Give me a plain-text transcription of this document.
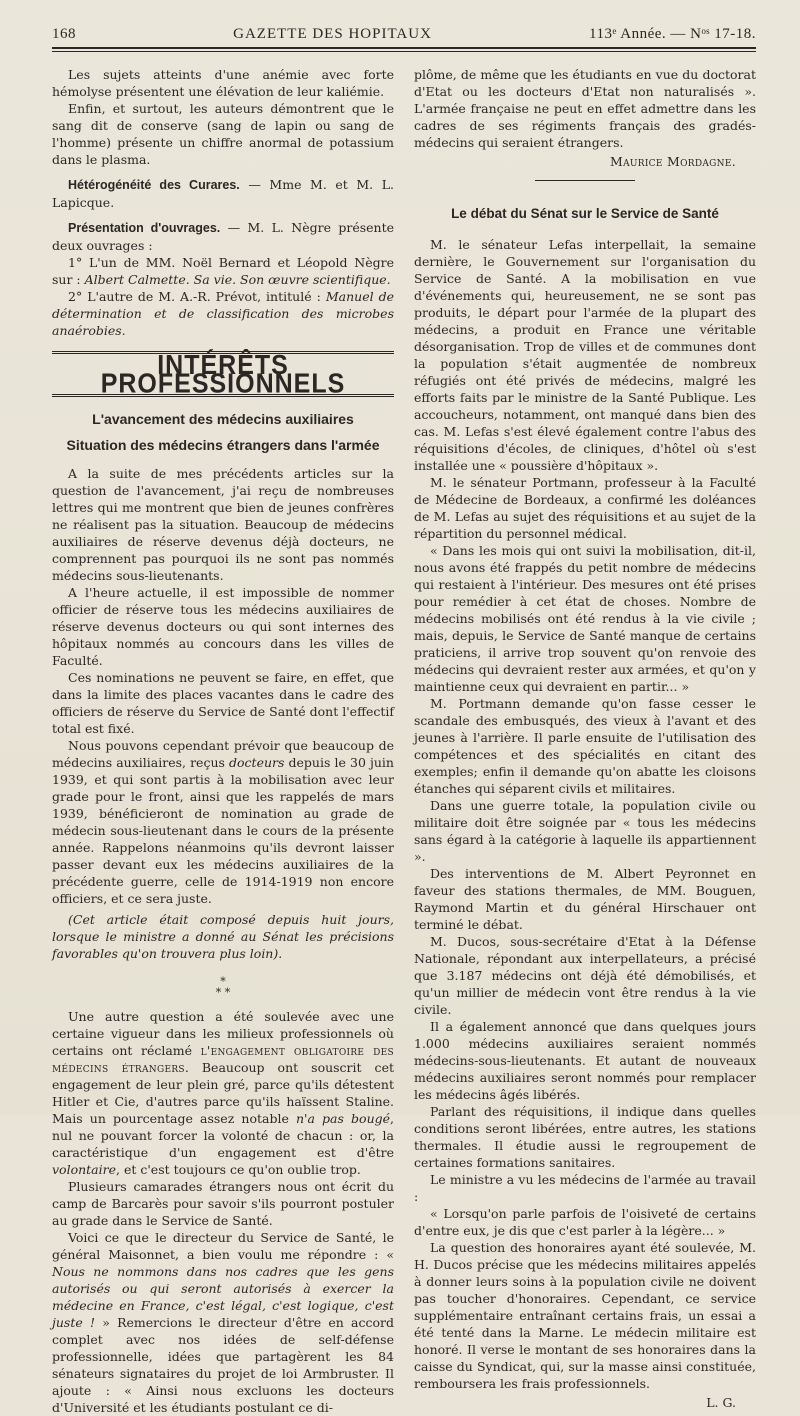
168	GAZETTE DES HOPITAUX	113ᵉ Année. — Nᵒˢ 17-18.

Les sujets atteints d'une anémie avec forte hémolyse présentent une élévation de leur kaliémie.

Enfin, et surtout, les auteurs démontrent que le sang dit de conserve (sang de lapin ou sang de l'homme) présente un chiffre anormal de potassium dans le plasma.

Hétérogénéité des Curares. — Mme M. et M. L. Lapicque.

Présentation d'ouvrages. — M. L. Nègre présente deux ouvrages :

1° L'un de MM. Noël Bernard et Léopold Nègre sur : Albert Calmette. Sa vie. Son œuvre scientifique.

2° L'autre de M. A.-R. Prévot, intitulé : Manuel de détermination et de classification des microbes anaérobies.

INTÉRÊTS PROFESSIONNELS
L'avancement des médecins auxiliaires
Situation des médecins étrangers dans l'armée

A la suite de mes précédents articles sur la question de l'avancement, j'ai reçu de nombreuses lettres qui me montrent que bien de jeunes confrères ne réalisent pas la situation. Beaucoup de médecins auxiliaires de réserve devenus déjà docteurs, ne comprennent pas pourquoi ils ne sont pas nommés médecins sous-lieutenants.

A l'heure actuelle, il est impossible de nommer officier de réserve tous les médecins auxiliaires de réserve devenus docteurs ou qui sont internes des hôpitaux nommés au concours dans les villes de Faculté.

Ces nominations ne peuvent se faire, en effet, que dans la limite des places vacantes dans le cadre des officiers de réserve du Service de Santé dont l'effectif total est fixé.

Nous pouvons cependant prévoir que beaucoup de médecins auxiliaires, reçus docteurs depuis le 30 juin 1939, et qui sont partis à la mobilisation avec leur grade pour le front, ainsi que les rappelés de mars 1939, bénéficieront de nomination au grade de médecin sous-lieutenant dans le cours de la présente année. Rappelons néanmoins qu'ils devront laisser passer devant eux les médecins auxiliaires de la précédente guerre, celle de 1914-1919 non encore officiers, et ce sera juste.

(Cet article était composé depuis huit jours, lorsque le ministre a donné au Sénat les précisions favorables qu'on trouvera plus loin).

*
* *

Une autre question a été soulevée avec une certaine vigueur dans les milieux professionnels où certains ont réclamé l'engagement obligatoire des médecins étrangers. Beaucoup ont souscrit cet engagement de leur plein gré, parce qu'ils détestent Hitler et Cie, d'autres parce qu'ils haïssent Staline. Mais un pourcentage assez notable n'a pas bougé, nul ne pouvant forcer la volonté de chacun : or, la caractéristique d'un engagement est d'être volontaire, et c'est toujours ce qu'on oublie trop.

Plusieurs camarades étrangers nous ont écrit du camp de Barcarès pour savoir s'ils pourront postuler au grade dans le Service de Santé.

Voici ce que le directeur du Service de Santé, le général Maisonnet, a bien voulu me répondre : « Nous ne nommons dans nos cadres que les gens autorisés ou qui seront autorisés à exercer la médecine en France, c'est légal, c'est logique, c'est juste ! » Remercions le directeur d'être en accord complet avec nos idées de self-défense professionnelle, idées que partagèrent les 84 sénateurs signataires du projet de loi Armbruster. Il ajoute : « Ainsi nous excluons les docteurs d'Université et les étudiants postulant ce di-

plôme, de même que les étudiants en vue du doctorat d'Etat ou les docteurs d'Etat non naturalisés ». L'armée française ne peut en effet admettre dans les cadres de ses régiments français des gradés-médecins qui seraient étrangers.

Maurice Mordagne.
Le débat du Sénat sur le Service de Santé

M. le sénateur Lefas interpellait, la semaine dernière, le Gouvernement sur l'organisation du Service de Santé. A la mobilisation en vue d'événements qui, heureusement, ne se sont pas produits, le départ pour l'armée de la plupart des médecins, a produit en France une véritable désorganisation. Trop de villes et de communes dont la population s'était augmentée de nombreux réfugiés ont été privés de médecins, malgré les efforts faits par le ministre de la Santé Publique. Les accoucheurs, notamment, ont manqué dans bien des cas. M. Lefas s'est élevé également contre l'abus des réquisitions d'écoles, de cliniques, d'hôtel où s'est installée une « poussière d'hôpitaux ».

M. le sénateur Portmann, professeur à la Faculté de Médecine de Bordeaux, a confirmé les doléances de M. Lefas au sujet des réquisitions et au sujet de la répartition du personnel médical.

« Dans les mois qui ont suivi la mobilisation, dit-il, nous avons été frappés du petit nombre de médecins qui restaient à l'intérieur. Des mesures ont été prises pour remédier à cet état de choses. Nombre de médecins mobilisés ont été rendus à la vie civile ; mais, depuis, le Service de Santé manque de certains praticiens, il arrive trop souvent qu'on renvoie des médecins qui devraient rester aux armées, et qu'on y maintienne ceux qui devraient en partir... »

M. Portmann demande qu'on fasse cesser le scandale des embusqués, des vieux à l'avant et des jeunes à l'arrière. Il parle ensuite de l'utilisation des compétences et des spécialités en citant des exemples; enfin il demande qu'on abatte les cloisons étanches qui séparent civils et militaires.

Dans une guerre totale, la population civile ou militaire doit être soignée par « tous les médecins sans égard à la catégorie à laquelle ils appartiennent ».

Des interventions de M. Albert Peyronnet en faveur des stations thermales, de MM. Bouguen, Raymond Martin et du général Hirschauer ont terminé le débat.

M. Ducos, sous-secrétaire d'Etat à la Défense Nationale, répondant aux interpellateurs, a précisé que 3.187 médecins ont déjà été démobilisés, et qu'un millier de médecin vont être rendus à la vie civile.

Il a également annoncé que dans quelques jours 1.000 médecins auxiliaires seraient nommés médecins-sous-lieutenants. Et autant de nouveaux médecins auxiliaires seront nommés pour remplacer les médecins âgés libérés.

Parlant des réquisitions, il indique dans quelles conditions seront libérées, entre autres, les stations thermales. Il étudie aussi le regroupement de certaines formations sanitaires.

Le ministre a vu les médecins de l'armée au travail :

« Lorsqu'on parle parfois de l'oisiveté de certains d'entre eux, je dis que c'est parler à la légère... »

La question des honoraires ayant été soulevée, M. H. Ducos précise que les médecins militaires appelés à donner leurs soins à la population civile ne doivent pas toucher d'honoraires. Cependant, ce service supplémentaire entraînant certains frais, un essai a été tenté dans la Marne. Le médecin militaire est honoré. Il verse le montant de ses honoraires dans la caisse du Syndicat, qui, sur la masse ainsi constituée, remboursera les frais professionnels.

L. G.
